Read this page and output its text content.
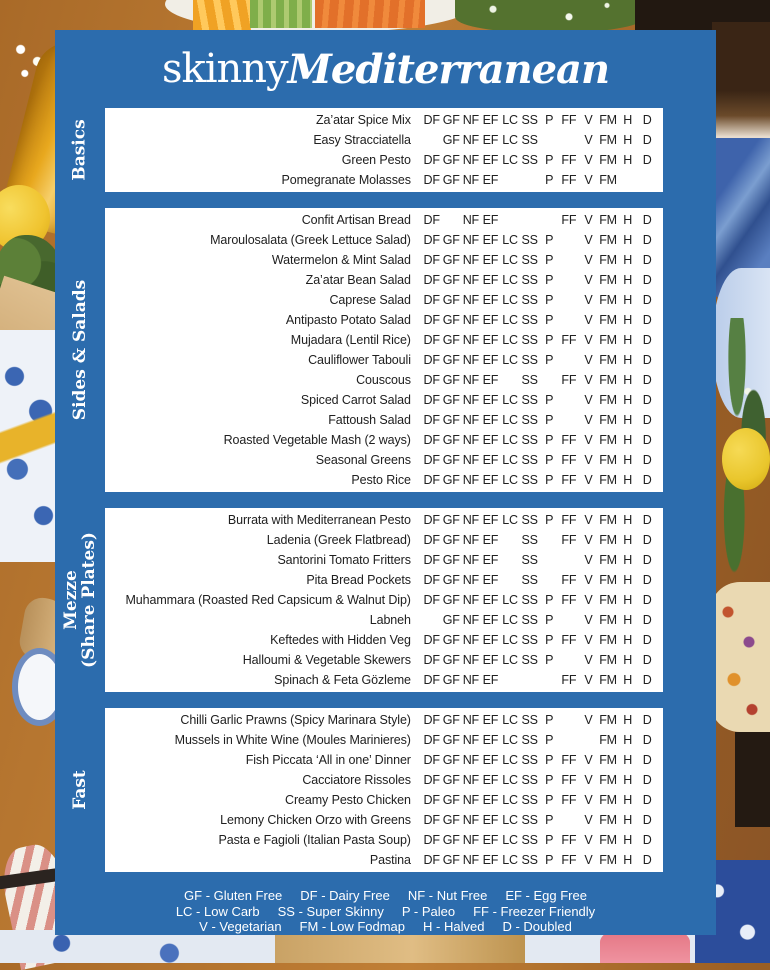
skinny Mediterranean
Basics	Za’atar Spice Mix	DF GF NF EF LC SS P FF V FM H D
Easy Stracciatella	GF NF EF LC SS	V FM H D
Green Pesto	DF GF NF EF LC SS P FF V FM H D
Pomegranate Molasses	DF GF NF EF	P FF V FM
Sides & Salads
Confit Artisan Bread	DF NF EF	FF V FM H D
Maroulosalata (Greek Lettuce Salad)	DF GF NF EF LC SS P	V FM H D
Watermelon & Mint Salad	DF GF NF EF LC SS P	V FM H D
Za’atar Bean Salad	DF GF NF EF LC SS P	V FM H D
Caprese Salad	DF GF NF EF LC SS P	V FM H D
Antipasto Potato Salad	DF GF NF EF LC SS P	V FM H D
Mujadara (Lentil Rice)	DF GF NF EF LC SS P FF V FM H D
Cauliflower Tabouli	DF GF NF EF LC SS P	V FM H D
Couscous	DF GF NF EF SS FF V FM H D
Spiced Carrot Salad	DF GF NF EF LC SS P	V FM H D
Fattoush Salad	DF GF NF EF LC SS P	V FM H D
Roasted Vegetable Mash (2 ways)	DF GF NF EF LC SS P FF V FM H D
Seasonal Greens	DF GF NF EF LC SS P FF V FM H D
Pesto Rice	DF GF NF EF LC SS P FF V FM H D
Mezze
(Share Plates)
Burrata with Mediterranean Pesto	DF GF NF EF LC SS P FF V FM H D
Ladenia (Greek Flatbread)	DF GF NF EF SS FF V FM H D
Santorini Tomato Fritters	DF GF NF EF SS	V FM H D
Pita Bread Pockets	DF GF NF EF SS FF V FM H D
Muhammara (Roasted Red Capsicum & Walnut Dip)	DF GF NF EF LC SS P FF V FM H D
Labneh	GF NF EF LC SS P	V FM H D
Keftedes with Hidden Veg	DF GF NF EF LC SS P FF V FM H D
Halloumi & Vegetable Skewers	DF GF NF EF LC SS P	V FM H D
Spinach & Feta Gözleme	DF GF NF EF	FF V FM H D
Fast
Chilli Garlic Prawns (Spicy Marinara Style)	DF GF NF EF LC SS P	V FM H D
Mussels in White Wine (Moules Marinieres)	DF GF NF EF LC SS P	FM H D
Fish Piccata ‘All in one’ Dinner	DF GF NF EF LC SS P FF V FM H D
Cacciatore Rissoles	DF GF NF EF LC SS P FF V FM H D
Creamy Pesto Chicken	DF GF NF EF LC SS P FF V FM H D
Lemony Chicken Orzo with Greens	DF GF NF EF LC SS P	V FM H D
Pasta e Fagioli (Italian Pasta Soup)	DF GF NF EF LC SS P FF V FM H D
Pastina	DF GF NF EF LC SS P FF V FM H D
GF - Gluten Free DF - Dairy Free NF - Nut Free EF - Egg Free
LC - Low Carb SS - Super Skinny P - Paleo FF - Freezer Friendly
V - Vegetarian FM - Low Fodmap H - Halved D - Doubled
